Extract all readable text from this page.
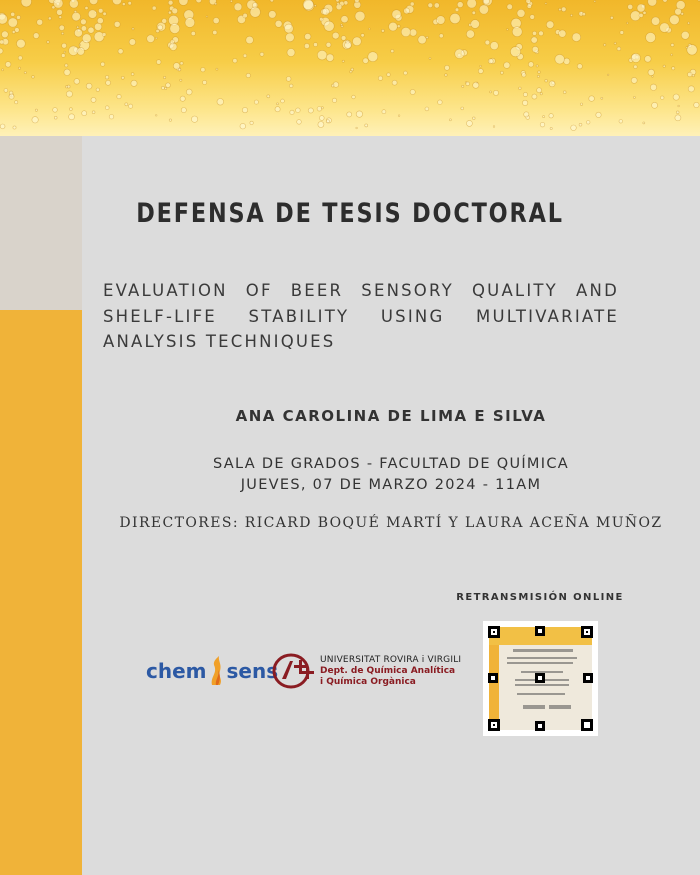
DEFENSA DE TESIS DOCTORAL
EVALUATION OF BEER SENSORY QUALITY AND SHELF-LIFE STABILITY USING MULTIVARIATE ANALYSIS TECHNIQUES
ANA CAROLINA DE LIMA E SILVA
SALA DE GRADOS - FACULTAD DE QUÍMICA
JUEVES, 07 DE MARZO 2024 - 11AM
DIRECTORES: RICARD BOQUÉ MARTÍ Y LAURA ACEÑA MUÑOZ
RETRANSMISIÓN ONLINE
chem sens	UNIVERSITAT ROVIRA i VIRGILI
Dept. de Química Analítica
i Química Orgànica
